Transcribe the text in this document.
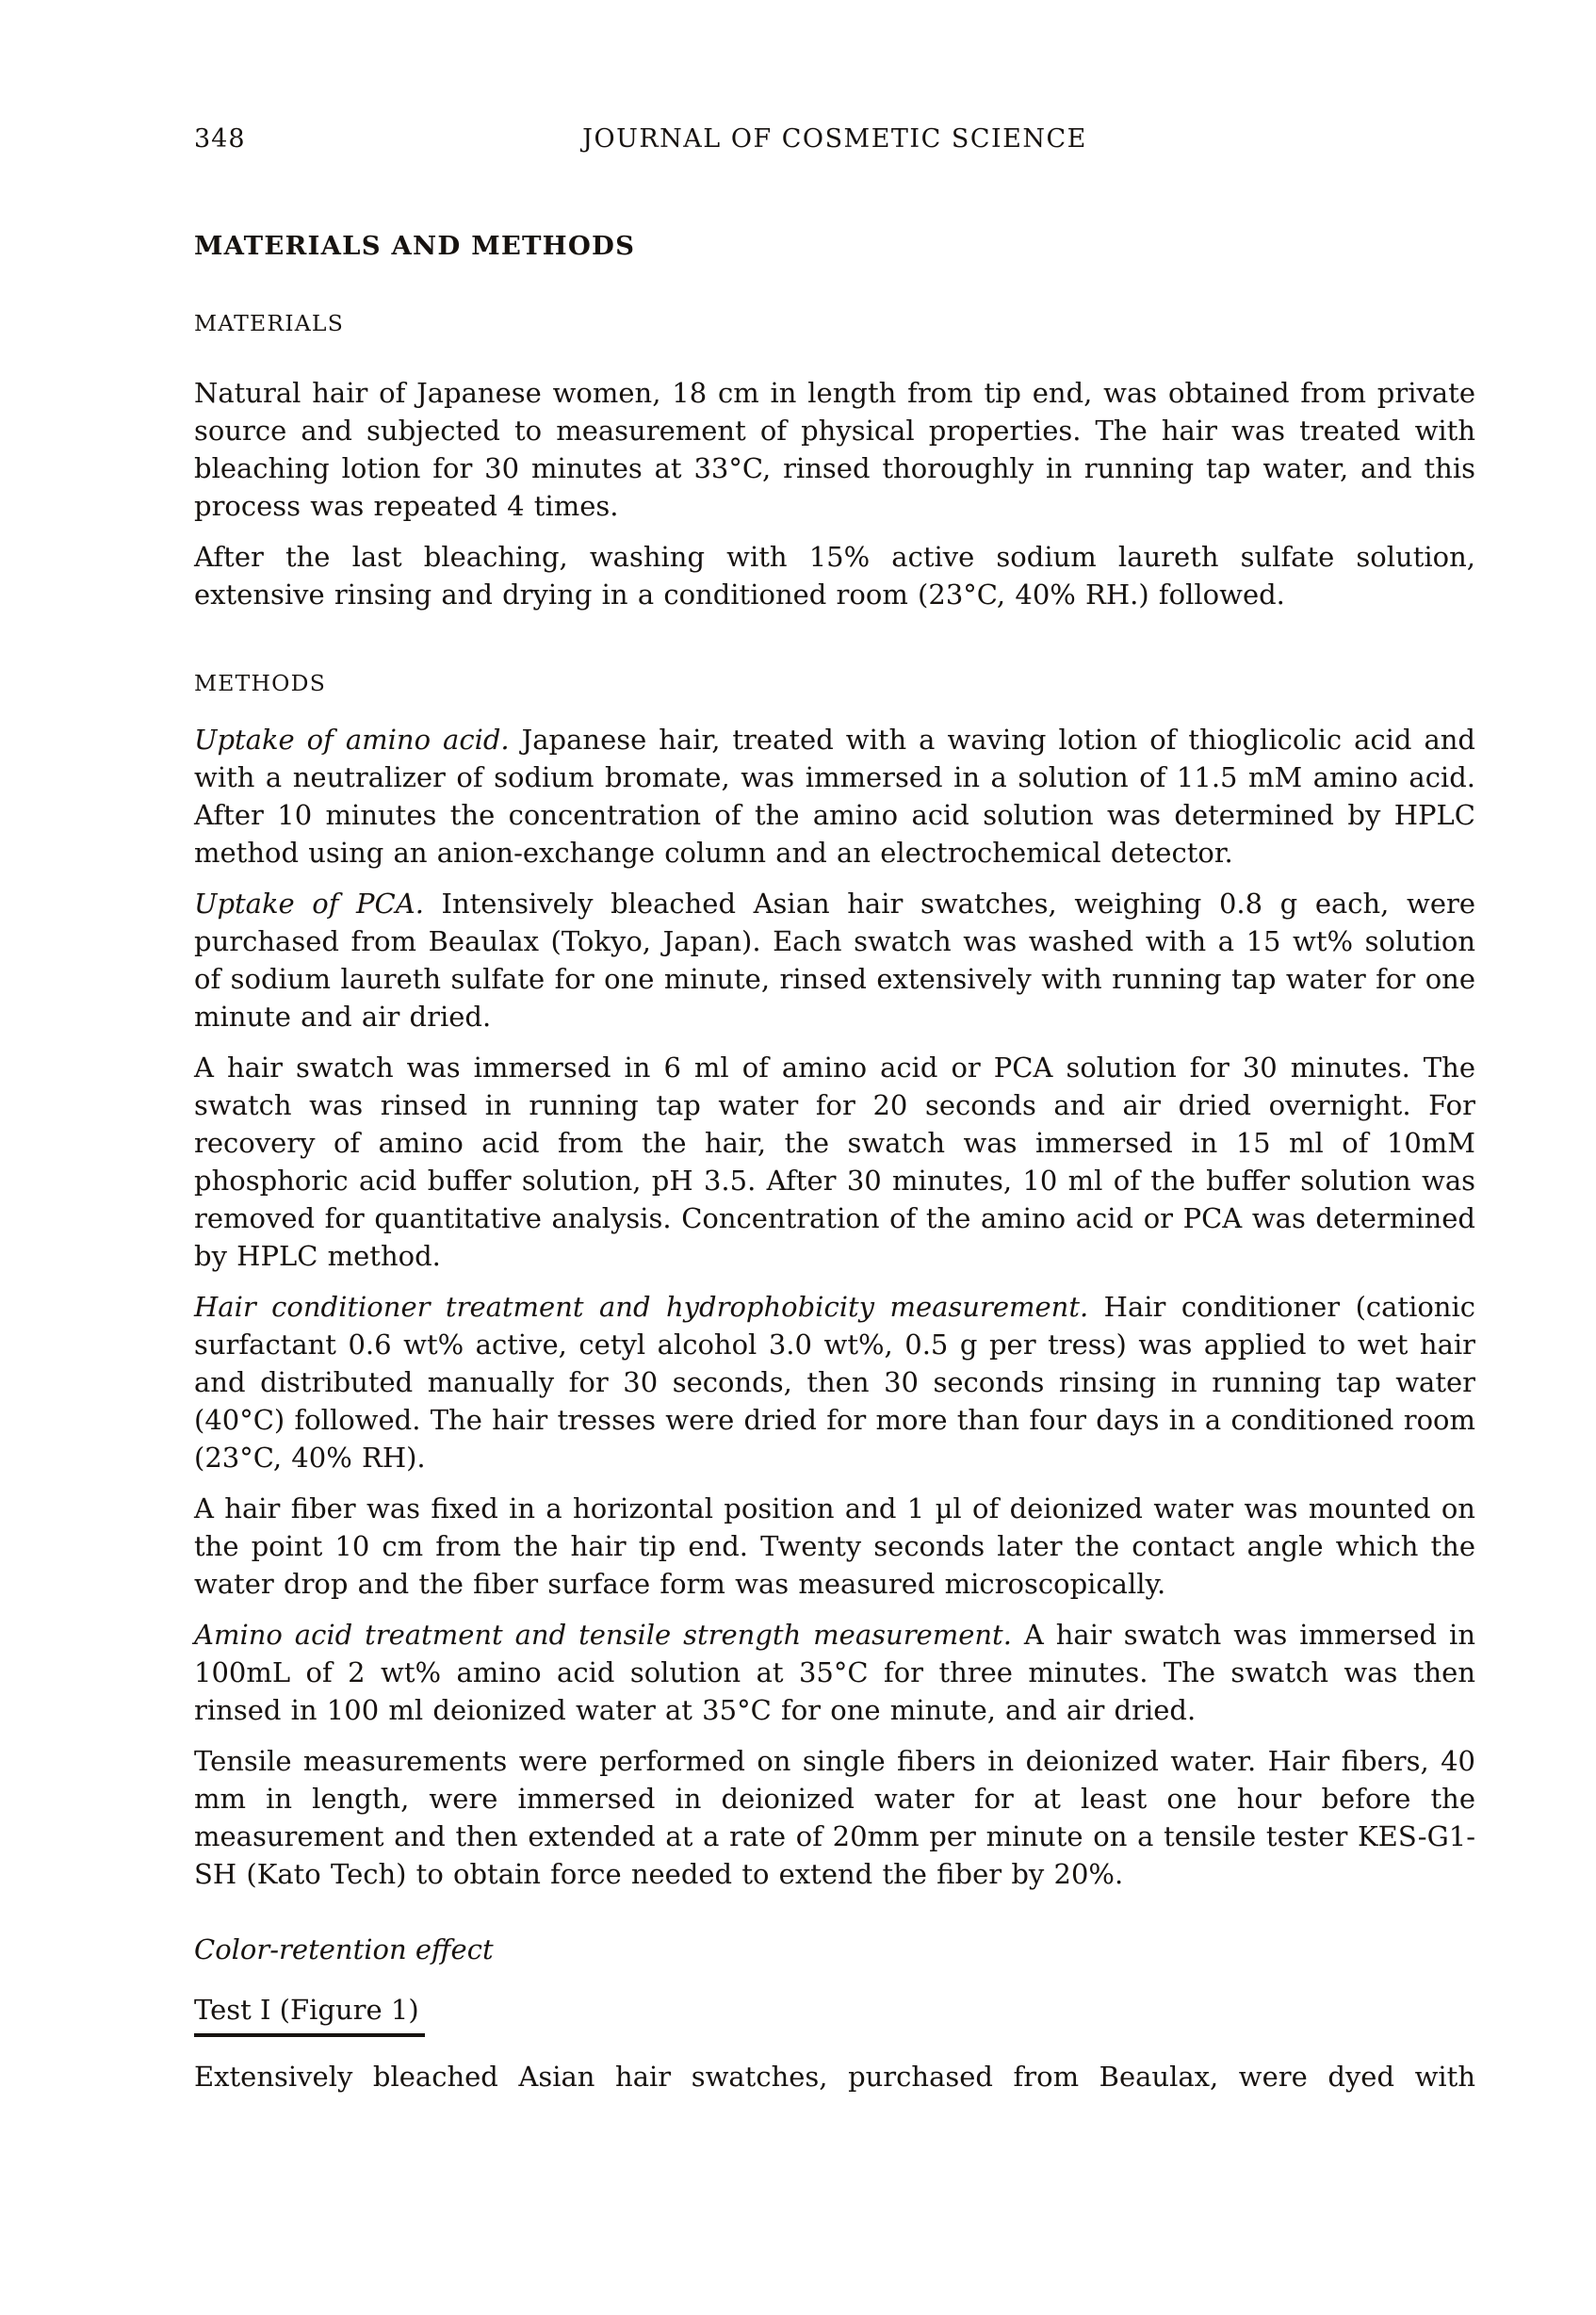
348	JOURNAL OF COSMETIC SCIENCE
MATERIALS AND METHODS
MATERIALS

Natural hair of Japanese women, 18 cm in length from tip end, was obtained from private source and subjected to measurement of physical properties. The hair was treated with bleaching lotion for 30 minutes at 33°C, rinsed thoroughly in running tap water, and this process was repeated 4 times.

After the last bleaching, washing with 15% active sodium laureth sulfate solution, extensive rinsing and drying in a conditioned room (23°C, 40% RH.) followed.

METHODS

Uptake of amino acid. Japanese hair, treated with a waving lotion of thioglicolic acid and with a neutralizer of sodium bromate, was immersed in a solution of 11.5 mM amino acid. After 10 minutes the concentration of the amino acid solution was determined by HPLC method using an anion-exchange column and an electrochemical detector.

Uptake of PCA. Intensively bleached Asian hair swatches, weighing 0.8 g each, were purchased from Beaulax (Tokyo, Japan). Each swatch was washed with a 15 wt% solution of sodium laureth sulfate for one minute, rinsed extensively with running tap water for one minute and air dried.

A hair swatch was immersed in 6 ml of amino acid or PCA solution for 30 minutes. The swatch was rinsed in running tap water for 20 seconds and air dried overnight. For recovery of amino acid from the hair, the swatch was immersed in 15 ml of 10mM phosphoric acid buffer solution, pH 3.5. After 30 minutes, 10 ml of the buffer solution was removed for quantitative analysis. Concentration of the amino acid or PCA was determined by HPLC method.

Hair conditioner treatment and hydrophobicity measurement. Hair conditioner (cationic surfactant 0.6 wt% active, cetyl alcohol 3.0 wt%, 0.5 g per tress) was applied to wet hair and distributed manually for 30 seconds, then 30 seconds rinsing in running tap water (40°C) followed. The hair tresses were dried for more than four days in a conditioned room (23°C, 40% RH).

A hair fiber was fixed in a horizontal position and 1 µl of deionized water was mounted on the point 10 cm from the hair tip end. Twenty seconds later the contact angle which the water drop and the fiber surface form was measured microscopically.

Amino acid treatment and tensile strength measurement. A hair swatch was immersed in 100mL of 2 wt% amino acid solution at 35°C for three minutes. The swatch was then rinsed in 100 ml deionized water at 35°C for one minute, and air dried.

Tensile measurements were performed on single fibers in deionized water. Hair fibers, 40 mm in length, were immersed in deionized water for at least one hour before the measurement and then extended at a rate of 20mm per minute on a tensile tester KES-G1-SH (Kato Tech) to obtain force needed to extend the fiber by 20%.

Color-retention effect
Test I (Figure 1)

Extensively bleached Asian hair swatches, purchased from Beaulax, were dyed with
